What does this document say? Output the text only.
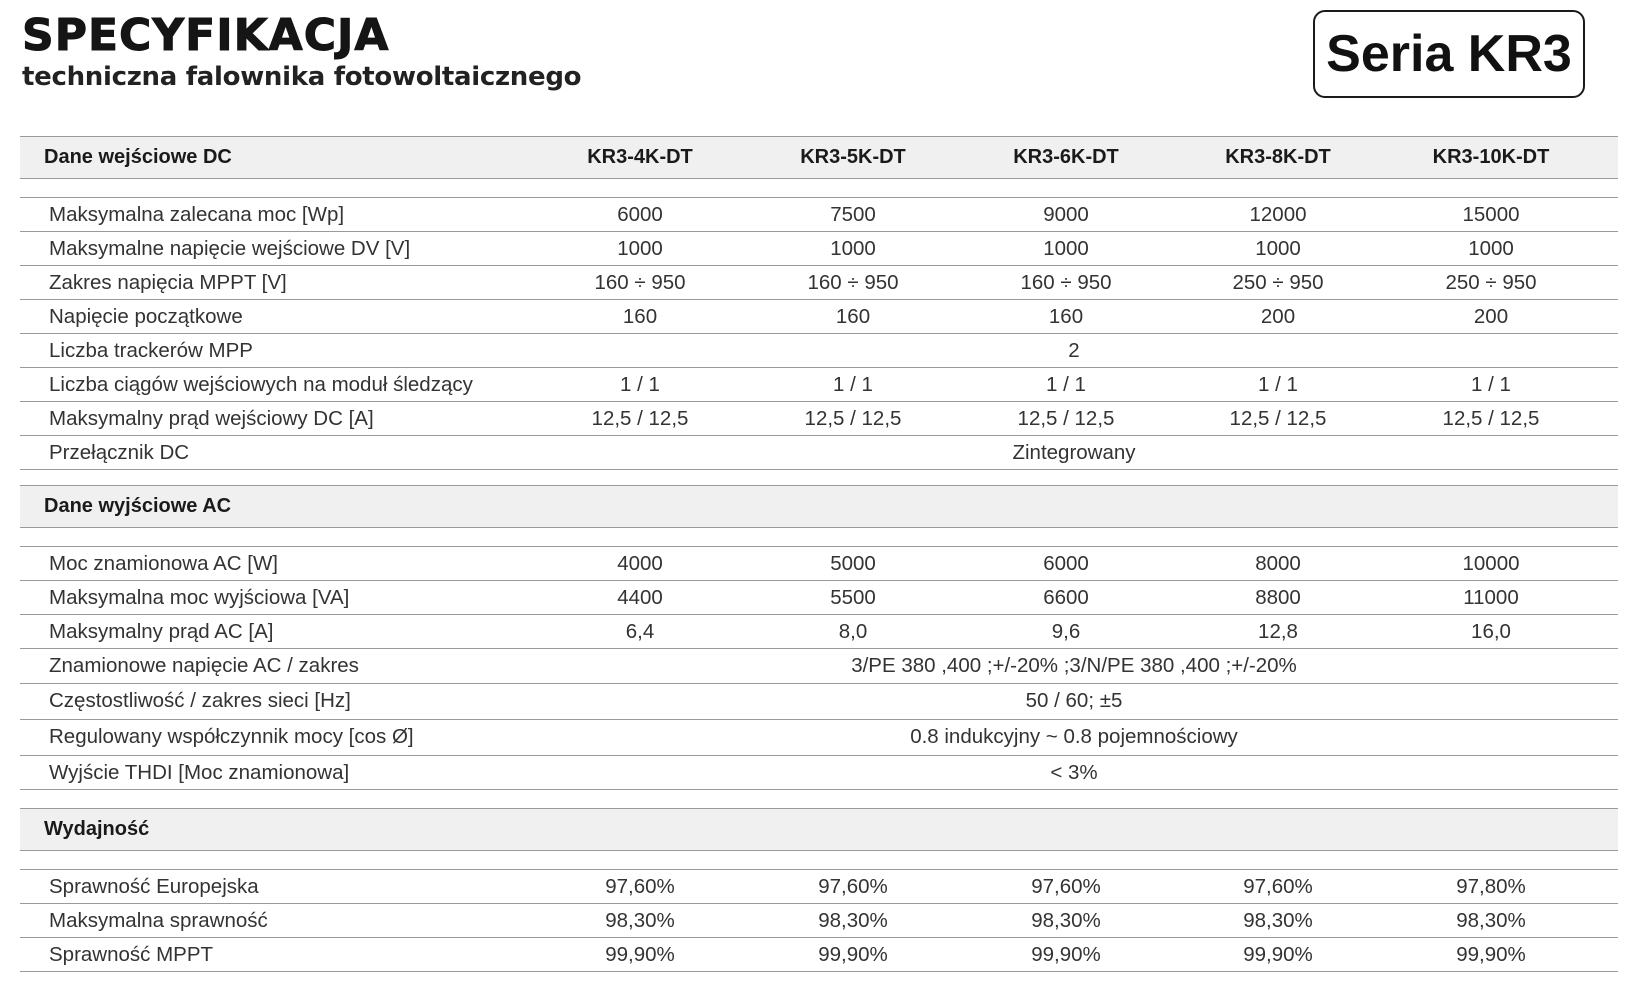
SPECYFIKACJA
techniczna falownika fotowoltaicznego	Seria KR3
Dane wejściowe DC	KR3-4K-DT	KR3-5K-DT	KR3-6K-DT	KR3-8K-DT	KR3-10K-DT
Maksymalna zalecana moc [Wp]	6000	7500	9000	12000	15000
Maksymalne napięcie wejściowe DV [V]	1000	1000	1000	1000	1000
Zakres napięcia MPPT [V]	160 ÷ 950	160 ÷ 950	160 ÷ 950	250 ÷ 950	250 ÷ 950
Napięcie początkowe	160	160	160	200	200
Liczba trackerów MPP	2
Liczba ciągów wejściowych na moduł śledzący	1 / 1	1 / 1	1 / 1	1 / 1	1 / 1
Maksymalny prąd wejściowy DC [A]	12,5 / 12,5	12,5 / 12,5	12,5 / 12,5	12,5 / 12,5	12,5 / 12,5
Przełącznik DC	Zintegrowany
Dane wyjściowe AC
Moc znamionowa AC [W]	4000	5000	6000	8000	10000
Maksymalna moc wyjściowa [VA]	4400	5500	6600	8800	11000
Maksymalny prąd AC [A]	6,4	8,0	9,6	12,8	16,0
Znamionowe napięcie AC / zakres	3/PE 380 ,400 ;+/-20% ;3/N/PE 380 ,400 ;+/-20%
Częstostliwość / zakres sieci [Hz]	50 / 60; ±5
Regulowany współczynnik mocy [cos Ø]	0.8 indukcyjny ~ 0.8 pojemnościowy
Wyjście THDI [Moc znamionowa]	< 3%
Wydajność
Sprawność Europejska	97,60%	97,60%	97,60%	97,60%	97,80%
Maksymalna sprawność	98,30%	98,30%	98,30%	98,30%	98,30%
Sprawność MPPT	99,90%	99,90%	99,90%	99,90%	99,90%
